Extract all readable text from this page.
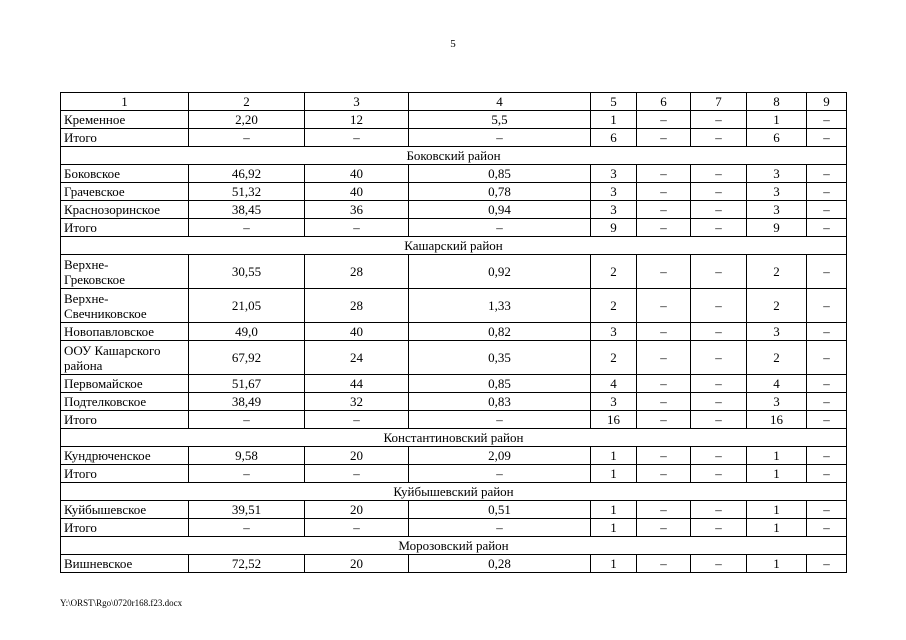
5
1	2	3	4	5	6	7	8	9
Кременное	2,20	12	5,5	1	–	–	1	–
Итого	–	–	–	6	–	–	6	–
Боковский район								
Боковское	46,92	40	0,85	3	–	–	3	–
Грачевское	51,32	40	0,78	3	–	–	3	–
Краснозоринское	38,45	36	0,94	3	–	–	3	–
Итого	–	–	–	9	–	–	9	–
Кашарский район								
Верхне-
Грековское	30,55	28	0,92	2	–	–	2	–
Верхне-
Свечниковское	21,05	28	1,33	2	–	–	2	–
Новопавловское	49,0	40	0,82	3	–	–	3	–
ООУ Кашарского
района	67,92	24	0,35	2	–	–	2	–
Первомайское	51,67	44	0,85	4	–	–	4	–
Подтелковское	38,49	32	0,83	3	–	–	3	–
Итого	–	–	–	16	–	–	16	–
Константиновский район								
Кундрюченское	9,58	20	2,09	1	–	–	1	–
Итого	–	–	–	1	–	–	1	–
Куйбышевский район								
Куйбышевское	39,51	20	0,51	1	–	–	1	–
Итого	–	–	–	1	–	–	1	–
Морозовский район								
Вишневское	72,52	20	0,28	1	–	–	1	–
Y:\ORST\Rgo\0720r168.f23.docx
